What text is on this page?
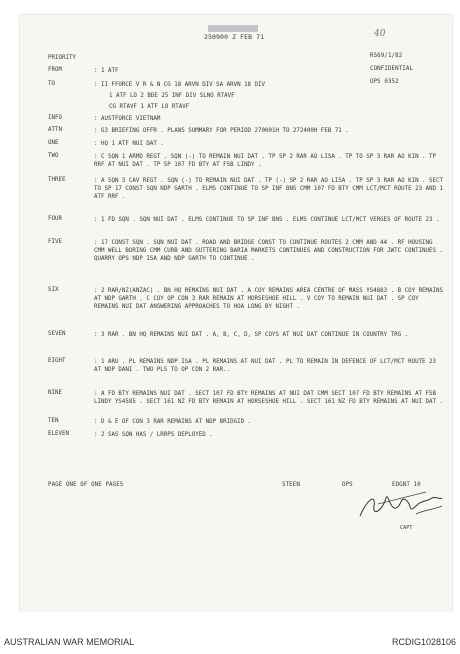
40
250900 Z FEB 71
R569/1/82
CONFIDENTIAL
OPS 0352
PRIORITY
FROM	: 1 ATF
TO	: II FFORCE V R & N CG 18 ARVN DIV SA ARVN 18 DIV
1 ATF LO 2 BDE 25 INF DIV SLNO RTAVF
CG RTAVF 1 ATF LO RTAVF
INFO	: AUSTFORCE VIETNAM
ATTN	: G3 BRIEFING OFFR . PLANS SUMMARY FOR PERIOD 270001H TO 272400H FEB 71 .
ONE	: HQ 1 ATF NUI DAT .
TWO	: C SQN 1 ARMD REGT . SQN (-) TO REMAIN NUI DAT . TP SP 2 RAR AO LISA . TP TO SP 3 RAR AO KIN . TP RRF AT NUI DAT . TP SP 107 FD BTY AT FSB LINDY .
THREE	: A SQN 3 CAV REGT . SQN (-) TO REMAIN NUI DAT . TP (-) SP 2 RAR AO LISA . TP SP 3 RAR AO KIN . SECT TO SP 17 CONST SQN NDP GARTH . ELMS CONTINUE TO SP INF BNS CMM 107 FD BTY CMM LCT/MCT ROUTE 23 AND 1 ATF RRF .
FOUR	: 1 FD SQN . SQN NUI DAT . ELMS CONTINUE TO SP INF BNS . ELMS CONTINUE LCT/MCT VERGES OF ROUTE 23 .
FIVE	: 17 CONST SQN . SQN NUI DAT . ROAD AND BRIDGE CONST TO CONTINUE ROUTES 2 CMM AND 44 . RF HOUSING CMM WELL BORING CMM CURB AND GUTTERING BARIA MARKETS CONTINUES AND CONSTRUCTION FOR JWTC CONTINUES . QUARRY OPS NDP ISA AND NDP GARTH TO CONTINUE .
SIX	: 2 RAR/NZ(ANZAC) . BN HQ REMAINS NUI DAT . A COY REMAINS AREA CENTRE OF MASS YS4883 . B COY REMAINS AT NDP GARTH . C COY OP CON 3 RAR REMAIN AT HORSESHOE HILL . V COY TO REMAIN NUI DAT . SP COY REMAINS NUI DAT ANSWERING APPROACHES TO HOA LONG BY NIGHT .
SEVEN	: 3 RAR . BN HQ REMAINS NUI DAT . A, B, C, D, SP COYS AT NUI DAT CONTINUE IN COUNTRY TRG .
EIGHT	: 1 ARU . PL REMAINS NDP ISA . PL REMAINS AT NUI DAT . PL TO REMAIN IN DEFENCE OF LCT/MCT ROUTE 23 AT NDP DANI . TWO PLS TO OP CON 2 RAR..
NINE	: A FD BTY REMAINS NUI DAT . SECT 107 FD BTY REMAINS AT NUI DAT CMM SECT 107 FD BTY REMAINS AT FSB LINDY YS4585 . SECT 161 NZ FD BTY REMAIN AT HORSESHOE HILL . SECT 161 NZ FD BTY REMAINS AT NUI DAT .
TEN	: D & E OF CON 3 RAR REMAINS AT NDP BRIDGID .
ELEVEN	: 2 SAS SQN HAS / LRRPS DEPLOYED .
PAGE ONE OF ONE PAGES	STEEN	OPS	EDGNT 10
CAPT
AUSTRALIAN WAR MEMORIAL	RCDIG1028106
